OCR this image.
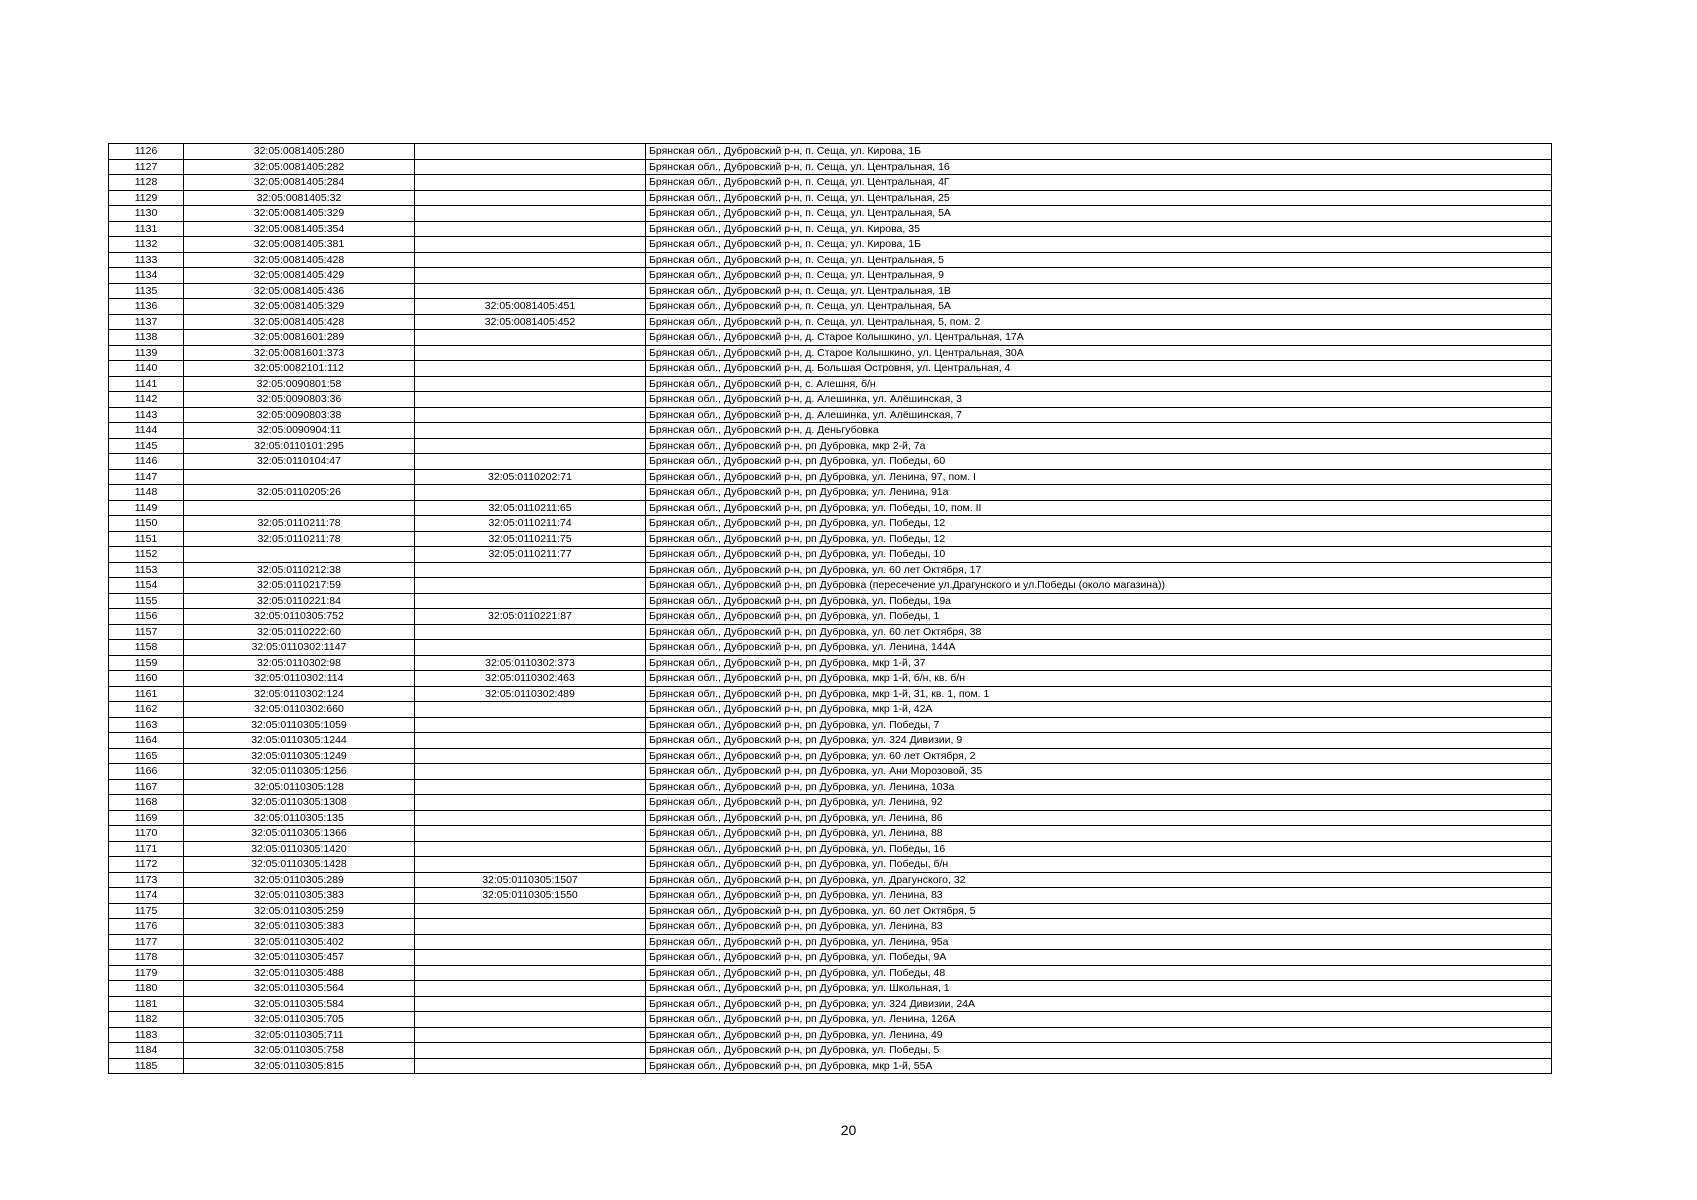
1126	32:05:0081405:280		Брянская обл., Дубровский р-н, п. Сеща, ул. Кирова, 1Б
1127	32:05:0081405:282		Брянская обл., Дубровский р-н, п. Сеща, ул. Центральная, 16
1128	32:05:0081405:284		Брянская обл., Дубровский р-н, п. Сеща, ул. Центральная, 4Г
1129	32:05:0081405:32		Брянская обл., Дубровский р-н, п. Сеща, ул. Центральная, 25
1130	32:05:0081405:329		Брянская обл., Дубровский р-н, п. Сеща, ул. Центральная, 5А
1131	32:05:0081405:354		Брянская обл., Дубровский р-н, п. Сеща, ул. Кирова, 35
1132	32:05:0081405:381		Брянская обл., Дубровский р-н, п. Сеща, ул. Кирова, 1Б
1133	32:05:0081405:428		Брянская обл., Дубровский р-н, п. Сеща, ул. Центральная, 5
1134	32:05:0081405:429		Брянская обл., Дубровский р-н, п. Сеща, ул. Центральная, 9
1135	32:05:0081405:436		Брянская обл., Дубровский р-н, п. Сеща, ул. Центральная, 1В
1136	32:05:0081405:329	32:05:0081405:451	Брянская обл., Дубровский р-н, п. Сеща, ул. Центральная, 5А
1137	32:05:0081405:428	32:05:0081405:452	Брянская обл., Дубровский р-н, п. Сеща, ул. Центральная, 5, пом. 2
1138	32:05:0081601:289		Брянская обл., Дубровский р-н, д. Старое Колышкино, ул. Центральная, 17А
1139	32:05:0081601:373		Брянская обл., Дубровский р-н, д. Старое Колышкино, ул. Центральная, 30А
1140	32:05:0082101:112		Брянская обл., Дубровский р-н, д. Большая Островня, ул. Центральная, 4
1141	32:05:0090801:58		Брянская обл., Дубровский р-н, с. Алешня, б/н
1142	32:05:0090803:36		Брянская обл., Дубровский р-н, д. Алешинка, ул. Алёшинская, 3
1143	32:05:0090803:38		Брянская обл., Дубровский р-н, д. Алешинка, ул. Алёшинская, 7
1144	32:05:0090904:11		Брянская обл., Дубровский р-н, д. Деньгубовка
1145	32:05:0110101:295		Брянская обл., Дубровский р-н, рп Дубровка, мкр 2-й, 7а
1146	32:05:0110104:47		Брянская обл., Дубровский р-н, рп Дубровка, ул. Победы, 60
1147		32:05:0110202:71	Брянская обл., Дубровский р-н, рп Дубровка, ул. Ленина, 97, пом. I
1148	32:05:0110205:26		Брянская обл., Дубровский р-н, рп Дубровка, ул. Ленина, 91а
1149		32:05:0110211:65	Брянская обл., Дубровский р-н, рп Дубровка, ул. Победы, 10, пом. II
1150	32:05:0110211:78	32:05:0110211:74	Брянская обл., Дубровский р-н, рп Дубровка, ул. Победы, 12
1151	32:05:0110211:78	32:05:0110211:75	Брянская обл., Дубровский р-н, рп Дубровка, ул. Победы, 12
1152		32:05:0110211:77	Брянская обл., Дубровский р-н, рп Дубровка, ул. Победы, 10
1153	32:05:0110212:38		Брянская обл., Дубровский р-н, рп Дубровка, ул. 60 лет Октября, 17
1154	32:05:0110217:59		Брянская обл., Дубровский р-н, рп Дубровка (пересечение ул.Драгунского и ул.Победы (около магазина))
1155	32:05:0110221:84		Брянская обл., Дубровский р-н, рп Дубровка, ул. Победы, 19а
1156	32:05:0110305:752	32:05:0110221:87	Брянская обл., Дубровский р-н, рп Дубровка, ул. Победы, 1
1157	32:05:0110222:60		Брянская обл., Дубровский р-н, рп Дубровка, ул. 60 лет Октября, 38
1158	32:05:0110302:1147		Брянская обл., Дубровский р-н, рп Дубровка, ул. Ленина, 144А
1159	32:05:0110302:98	32:05:0110302:373	Брянская обл., Дубровский р-н, рп Дубровка, мкр 1-й, 37
1160	32:05:0110302:114	32:05:0110302:463	Брянская обл., Дубровский р-н, рп Дубровка, мкр 1-й, б/н, кв. б/н
1161	32:05:0110302:124	32:05:0110302:489	Брянская обл., Дубровский р-н, рп Дубровка, мкр 1-й, 31, кв. 1, пом. 1
1162	32:05:0110302:660		Брянская обл., Дубровский р-н, рп Дубровка, мкр 1-й, 42А
1163	32:05:0110305:1059		Брянская обл., Дубровский р-н, рп Дубровка, ул. Победы, 7
1164	32:05:0110305:1244		Брянская обл., Дубровский р-н, рп Дубровка, ул. 324 Дивизии, 9
1165	32:05:0110305:1249		Брянская обл., Дубровский р-н, рп Дубровка, ул. 60 лет Октября, 2
1166	32:05:0110305:1256		Брянская обл., Дубровский р-н, рп Дубровка, ул. Ани Морозовой, 35
1167	32:05:0110305:128		Брянская обл., Дубровский р-н, рп Дубровка, ул. Ленина, 103а
1168	32:05:0110305:1308		Брянская обл., Дубровский р-н, рп Дубровка, ул. Ленина, 92
1169	32:05:0110305:135		Брянская обл., Дубровский р-н, рп Дубровка, ул. Ленина, 86
1170	32:05:0110305:1366		Брянская обл., Дубровский р-н, рп Дубровка, ул. Ленина, 88
1171	32:05:0110305:1420		Брянская обл., Дубровский р-н, рп Дубровка, ул. Победы, 16
1172	32:05:0110305:1428		Брянская обл., Дубровский р-н, рп Дубровка, ул. Победы, б/н
1173	32:05:0110305:289	32:05:0110305:1507	Брянская обл., Дубровский р-н, рп Дубровка, ул. Драгунского, 32
1174	32:05:0110305:383	32:05:0110305:1550	Брянская обл., Дубровский р-н, рп Дубровка, ул. Ленина, 83
1175	32:05:0110305:259		Брянская обл., Дубровский р-н, рп Дубровка, ул. 60 лет Октября, 5
1176	32:05:0110305:383		Брянская обл., Дубровский р-н, рп Дубровка, ул. Ленина, 83
1177	32:05:0110305:402		Брянская обл., Дубровский р-н, рп Дубровка, ул. Ленина, 95а
1178	32:05:0110305:457		Брянская обл., Дубровский р-н, рп Дубровка, ул. Победы, 9А
1179	32:05:0110305:488		Брянская обл., Дубровский р-н, рп Дубровка, ул. Победы, 48
1180	32:05:0110305:564		Брянская обл., Дубровский р-н, рп Дубровка, ул. Школьная, 1
1181	32:05:0110305:584		Брянская обл., Дубровский р-н, рп Дубровка, ул. 324 Дивизии, 24А
1182	32:05:0110305:705		Брянская обл., Дубровский р-н, рп Дубровка, ул. Ленина, 126А
1183	32:05:0110305:711		Брянская обл., Дубровский р-н, рп Дубровка, ул. Ленина, 49
1184	32:05:0110305:758		Брянская обл., Дубровский р-н, рп Дубровка, ул. Победы, 5
1185	32:05:0110305:815		Брянская обл., Дубровский р-н, рп Дубровка, мкр 1-й, 55А
20
